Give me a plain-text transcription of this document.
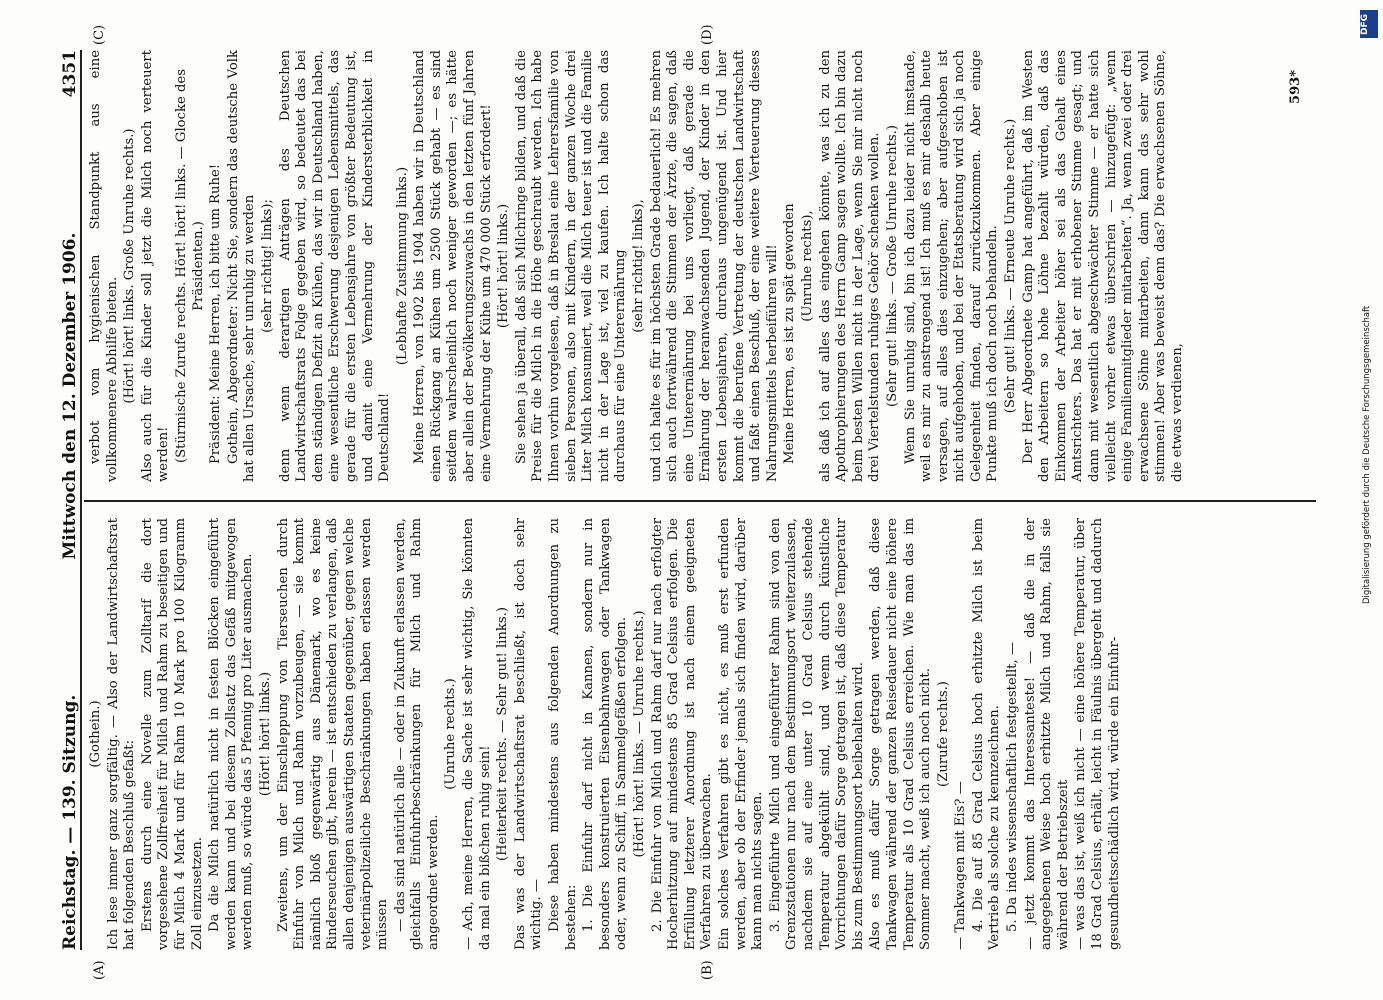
Reichstag. — 139. Sitzung.
Mittwoch den 12. Dezember 1906.
4351

(Gothein.) Ich lese immer ganz sorgfältig. — Also der Landwirtschaftsrat hat folgenden Beschluß gefaßt: Erstens durch eine Novelle zum Zolltarif die dort vorgesehene Zollfreiheit für Milch und Rahm zu beseitigen und für Milch 4 Mark und für Rahm 10 Mark pro 100 Kilogramm Zoll einzusetzen. Da die Milch natürlich nicht in festen Blöcken eingeführt werden kann und bei diesem Zollsatz das Gefäß mitgewogen werden muß, so würde das 5 Pfennig pro Liter ausmachen. (Hört! hört! links.) Zweitens, um der Einschleppung von Tierseuchen durch Einfuhr von Milch und Rahm vorzubeugen, — sie kommt nämlich bloß gegenwärtig aus Dänemark, wo es keine Rinderseuchen gibt, herein — ist entschieden zu verlangen, daß allen denjenigen auswärtigen Staaten gegenüber, gegen welche veterinärpolizeiliche Beschränkungen haben erlassen werden müssen — das sind natürlich alle — oder in Zukunft erlassen werden, gleichfalls Einfuhrbeschränkungen für Milch und Rahm angeordnet werden.

(Unruhe rechts.) — Ach, meine Herren, die Sache ist sehr wichtig, Sie könnten da mal ein bißchen ruhig sein! (Heiterkeit rechts. — Sehr gut! links.) Das was der Landwirtschaftsrat beschließt, ist doch sehr wichtig. — Diese haben mindestens aus folgenden Anordnungen zu bestehen: 1. Die Einfuhr darf nicht in Kannen, sondern nur in besonders konstruierten Eisenbahnwagen oder Tankwagen oder, wenn zu Schiff, in Sammelgefäßen erfolgen. (Hört! hört! links. — Unruhe rechts.) 2. Die Einfuhr von Milch und Rahm darf nur nach erfolgter Hocherhitzung auf mindestens 85 Grad Celsius erfolgen. Die Erfüllung letzterer Anordnung ist nach einem geeigneten Verfahren zu überwachen. Ein solches Verfahren gibt es nicht, es muß erst erfunden werden, aber ob der Erfinder jemals sich finden wird, darüber kann man nichts sagen. 3. Eingeführte Milch und eingeführter Rahm sind von den Grenzstationen nur nach dem Bestimmungsort weiterzulassen, nachdem sie auf eine unter 10 Grad Celsius stehende Temperatur abgekühlt sind, und wenn durch künstliche Vorrichtungen dafür Sorge getragen ist, daß diese Temperatur bis zum Bestimmungsort beibehalten wird. Also es muß dafür Sorge getragen werden, daß diese Tankwagen während der ganzen Reisedauer nicht eine höhere Temperatur als 10 Grad Celsius erreichen. Wie man das im Sommer macht, weiß ich auch noch nicht. (Zurufe rechts.)

— Tankwagen mit Eis? — 4. Die auf 85 Grad Celsius hoch erhitzte Milch ist beim Vertrieb als solche zu kennzeichnen. 5. Da indes wissenschaftlich festgestellt, — — jetzt kommt das Interessanteste! — daß die in der angegebenen Weise hoch erhitzte Milch und Rahm, falls sie während der Betriebszeit — was das ist, weiß ich nicht — eine höhere Temperatur, über 18 Grad Celsius, erhält, leicht in Fäulnis übergeht und dadurch gesundheitsschädlich wird, würde ein Einfuhr-

verbot vom hygienischen Standpunkt aus eine vollkommenere Abhilfe bieten. (Hört! hört! links. Große Unruhe rechts.) Also auch für die Kinder soll jetzt die Milch noch verteuert werden! (Stürmische Zurufe rechts. Hört! hört! links. — Glocke des Präsidenten.) Präsident: Meine Herren, ich bitte um Ruhe! Gothein, Abgeordneter: Nicht Sie, sondern das deutsche Volk hat allen Ursache, sehr unruhig zu werden (sehr richtig! links); denn wenn derartigen Anträgen des Deutschen Landwirtschaftsrats Folge gegeben wird, so bedeutet das bei dem ständigen Defizit an Kühen, das wir in Deutschland haben, eine wesentliche Erschwerung desjenigen Lebensmittels, das gerade für die ersten Lebensjahre von größter Bedeutung ist, und damit eine Vermehrung der Kindersterblichkeit in Deutschland!

(Lebhafte Zustimmung links.) Meine Herren, von 1902 bis 1904 haben wir in Deutschland einen Rückgang an Kühen um 2500 Stück gehabt — es sind seitdem wahrscheinlich noch weniger geworden —; es hätte aber allein der Bevölkerungszuwachs in den letzten fünf Jahren eine Vermehrung der Kühe um 470 000 Stück erfordert! (Hört! hört! links.) Sie sehen ja überall, daß sich Milchringe bilden, und daß die Preise für die Milch in die Höhe geschraubt werden. Ich habe Ihnen vorhin vorgelesen, daß in Breslau eine Lehrersfamilie von sieben Personen, also mit Kindern, in der ganzen Woche drei Liter Milch konsumiert, weil die Milch teuer ist und die Familie nicht in der Lage ist, viel zu kaufen. Ich halte schon das durchaus für eine Unterernährung (sehr richtig! links), und ich halte es für im höchsten Grade bedauerlich! Es mehren sich auch fortwährend die Stimmen der Ärzte, die sagen, daß eine Unterernährung bei uns vorliegt, daß gerade die Ernährung der heranwachsenden Jugend, der Kinder in den ersten Lebensjahren, durchaus ungenügend ist. Und hier kommt die berufene Vertretung der deutschen Landwirtschaft und faßt einen Beschluß, der eine weitere Verteuerung dieses Nahrungsmittels herbeiführen will! Meine Herren, es ist zu spät geworden (Unruhe rechts), als daß ich auf alles das eingehen könnte, was ich zu den Apothrophierungen des Herrn Gamp sagen wollte. Ich bin dazu beim besten Willen nicht in der Lage, wenn Sie mir nicht noch drei Viertelstunden ruhiges Gehör schenken wollen. (Sehr gut! links. — Große Unruhe rechts.) Wenn Sie unruhig sind, bin ich dazu leider nicht imstande, weil es mir zu anstrengend ist! Ich muß es mir deshalb heute versagen, auf alles dies einzugehen; aber aufgeschoben ist nicht aufgehoben, und bei der Etatsberatung wird sich ja noch Gelegenheit finden, darauf zurückzukommen. Aber einige Punkte muß ich doch noch behandeln. (Sehr gut! links. — Erneute Unruhe rechts.) Der Herr Abgeordnete Gamp hat angeführt, daß im Westen den Arbeitern so hohe Löhne bezahlt würden, daß das Einkommen der Arbeiter höher sei als das Gehalt eines Amtsrichters. Das hat er mit erhobener Stimme gesagt; und dann mit wesentlich abgeschwächter Stimme — er hatte sich vielleicht vorher etwas überschrien — hinzugefügt: „wenn einige Familienmitglieder mitarbeiten“. Ja, wenn zwei oder drei erwachsene Söhne mitarbeiten, dann kann das sehr wohl stimmen! Aber was beweist denn das? Die erwachsenen Söhne, die etwas verdienen,

(A)	(B)
(C)	(D)
593*
DFG
Digitalisierung gefördert durch die Deutsche Forschungsgemeinschaft
